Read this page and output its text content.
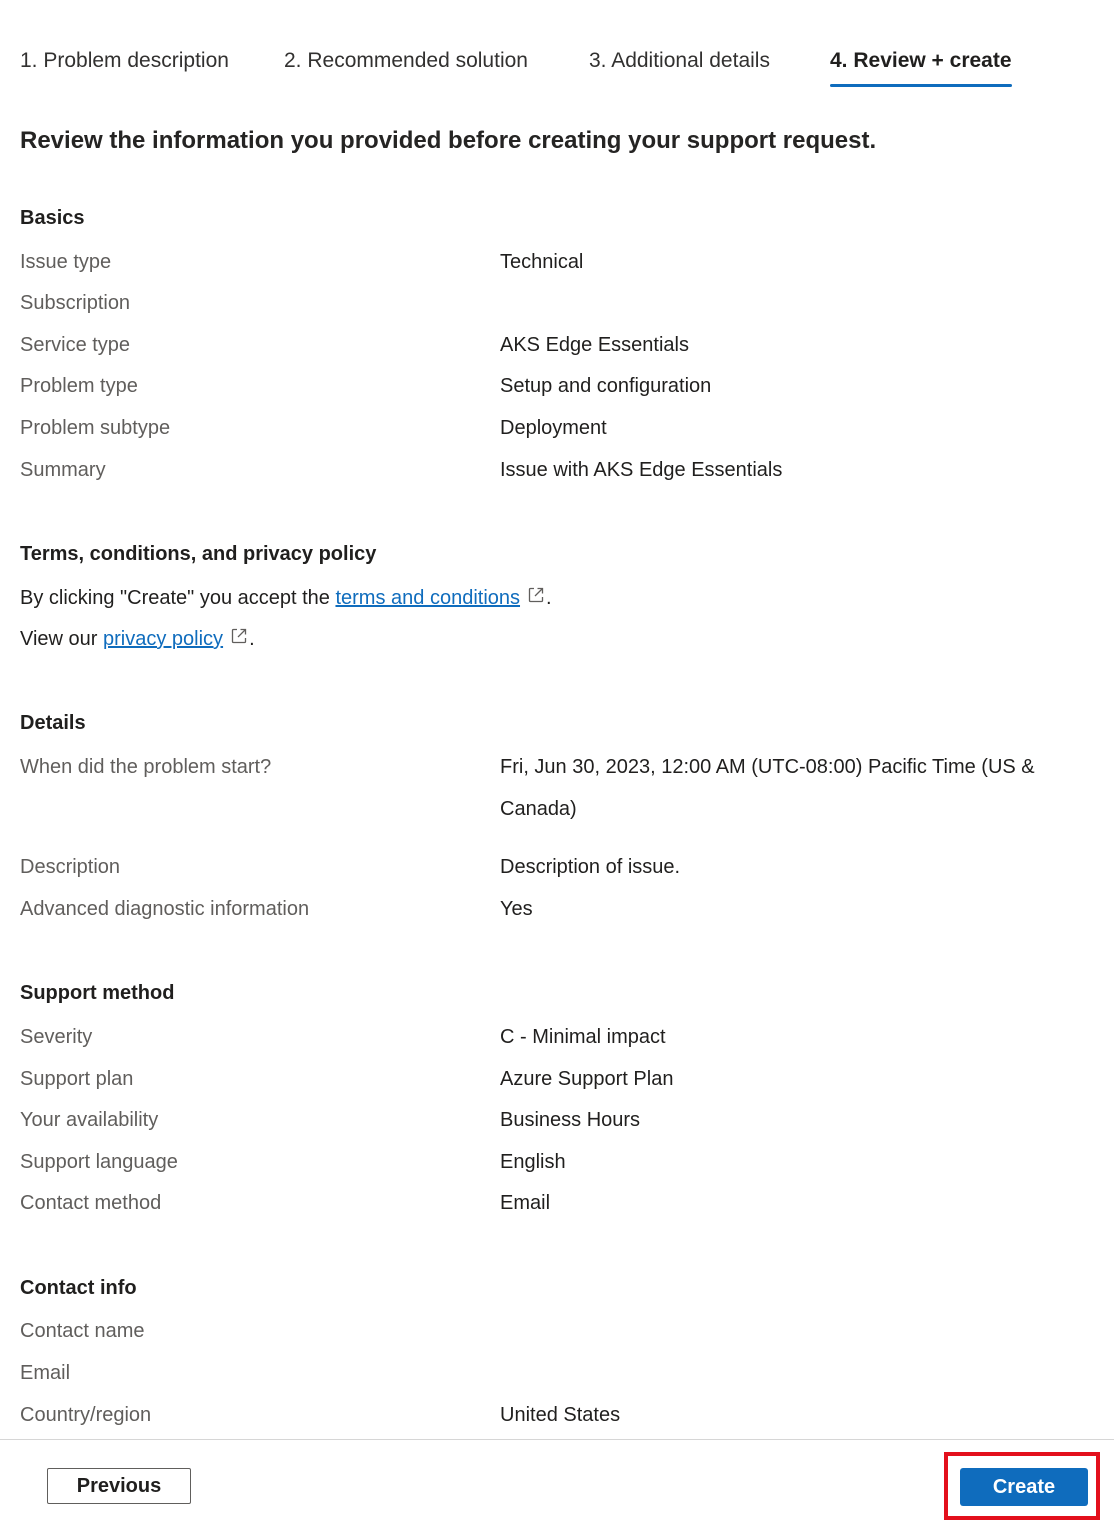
1. Problem description	2. Recommended solution	3. Additional details	4. Review + create
Review the information you provided before creating your support request.
Basics
Issue type	Technical
Subscription
Service type	AKS Edge Essentials
Problem type	Setup and configuration
Problem subtype	Deployment
Summary	Issue with AKS Edge Essentials
Terms, conditions, and privacy policy
By clicking "Create" you accept the terms and conditions .
View our privacy policy .
Details
When did the problem start?	Fri, Jun 30, 2023, 12:00 AM (UTC-08:00) Pacific Time (US & Canada)
Description	Description of issue.
Advanced diagnostic information	Yes
Support method
Severity	C - Minimal impact
Support plan	Azure Support Plan
Your availability	Business Hours
Support language	English
Contact method	Email
Contact info
Contact name
Email
Country/region	United States
Previous	Create
